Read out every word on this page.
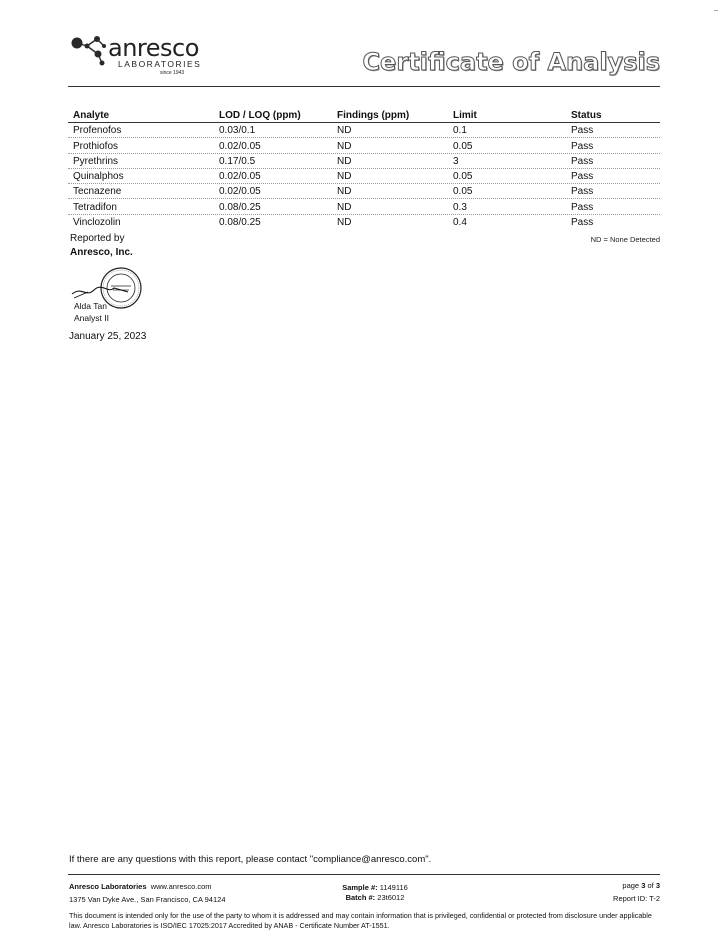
anresco
LABORATORIES
since 1943	Certificate of Analysis
Analyte	LOD / LOQ (ppm)	Findings (ppm)	Limit	Status
Profenofos	0.03/0.1	ND	0.1	Pass
Prothiofos	0.02/0.05	ND	0.05	Pass
Pyrethrins	0.17/0.5	ND	3	Pass
Quinalphos	0.02/0.05	ND	0.05	Pass
Tecnazene	0.02/0.05	ND	0.05	Pass
Tetradifon	0.08/0.25	ND	0.3	Pass
Vinclozolin	0.08/0.25	ND	0.4	Pass
ND = None Detected
Reported by
Anresco, Inc.
Alda Tan
Analyst II
January 25, 2023
If there are any questions with this report, please contact "compliance@anresco.com".
Anresco Laboratories www.anresco.com
1375 Van Dyke Ave., San Francisco, CA 94124
Sample #: 1149116
Batch #: 23t6012
page 3 of 3
Report ID: T-2
This document is intended only for the use of the party to whom it is addressed and may contain information that is privileged, confidential or protected from disclosure under applicable law. Anresco Laboratories is ISO/IEC 17025:2017 Accredited by ANAB - Certificate Number AT-1551.
